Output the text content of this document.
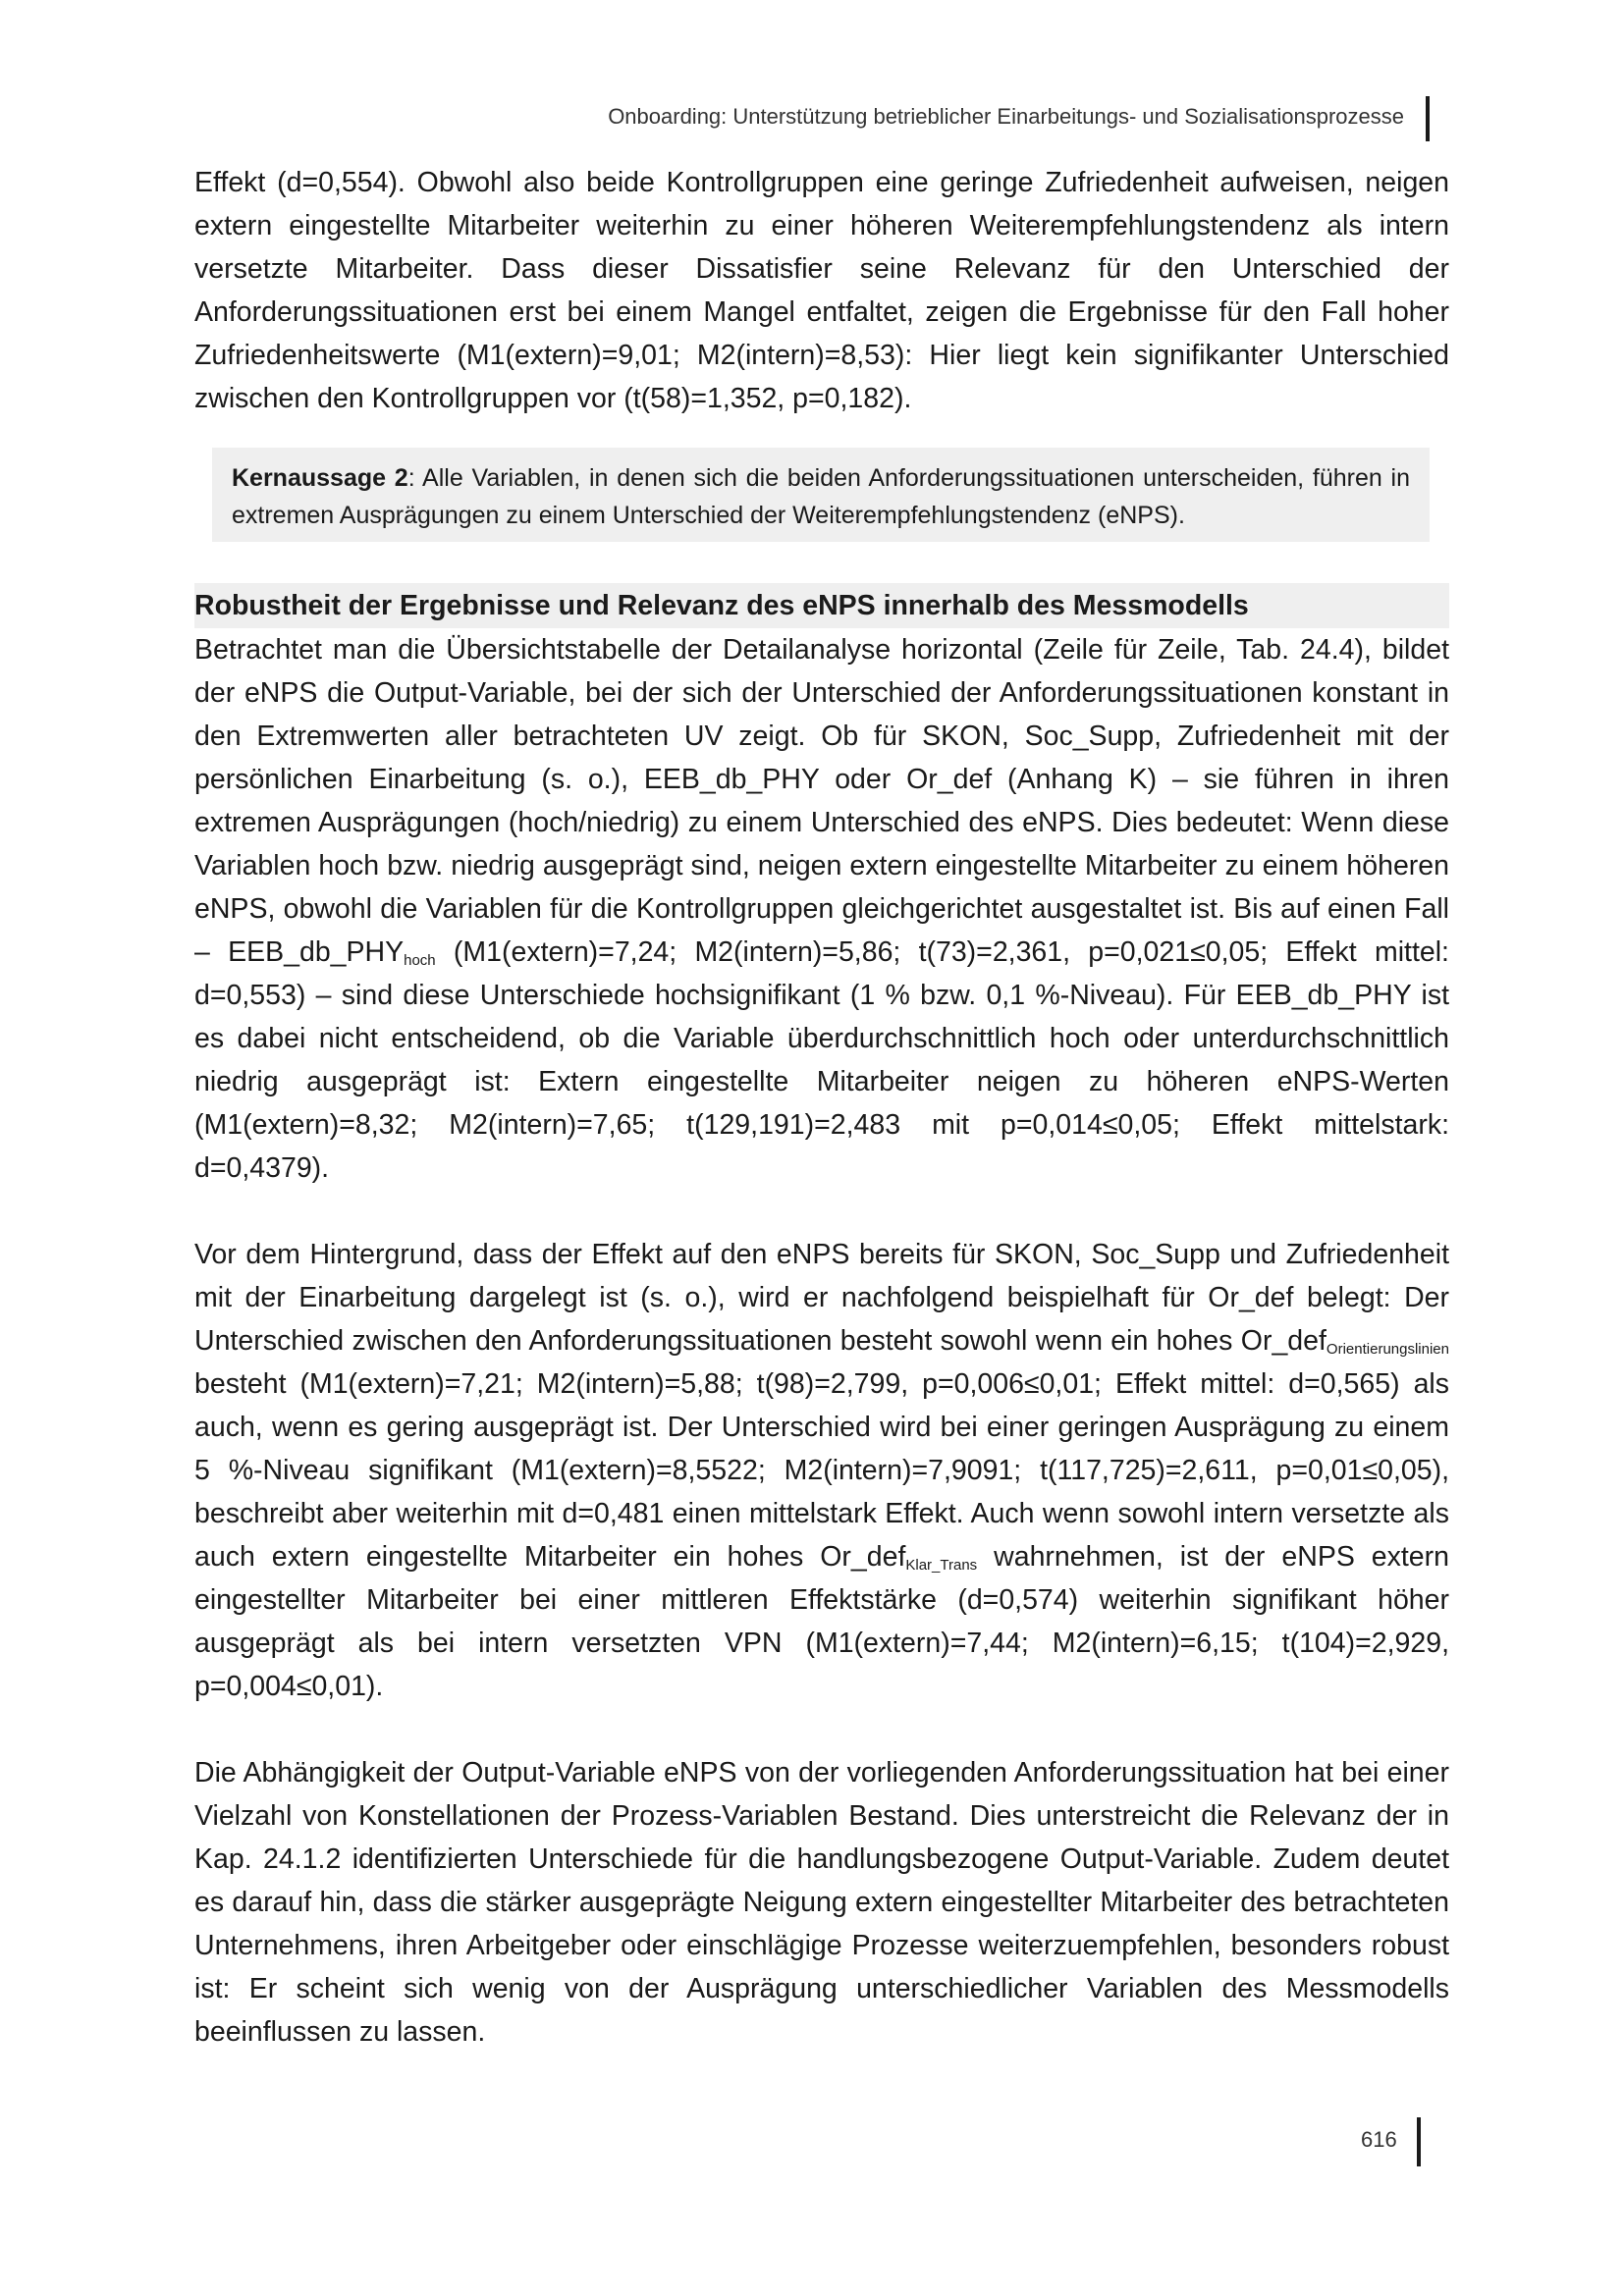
Onboarding: Unterstützung betrieblicher Einarbeitungs- und Sozialisationsprozesse

Effekt (d=0,554). Obwohl also beide Kontrollgruppen eine geringe Zufriedenheit aufweisen, neigen extern eingestellte Mitarbeiter weiterhin zu einer höheren Weiterempfehlungstendenz als intern versetzte Mitarbeiter. Dass dieser Dissatisfier seine Relevanz für den Unterschied der Anforderungssituationen erst bei einem Mangel entfaltet, zeigen die Ergebnisse für den Fall hoher Zufriedenheitswerte (M1(extern)=9,01; M2(intern)=8,53): Hier liegt kein signifikanter Unterschied zwischen den Kontrollgruppen vor (t(58)=1,352, p=0,182).

Kernaussage 2: Alle Variablen, in denen sich die beiden Anforderungssituationen unterscheiden, führen in extremen Ausprägungen zu einem Unterschied der Weiterempfehlungstendenz (eNPS).

Robustheit der Ergebnisse und Relevanz des eNPS innerhalb des Messmodells

Betrachtet man die Übersichtstabelle der Detailanalyse horizontal (Zeile für Zeile, Tab. 24.4), bildet der eNPS die Output-Variable, bei der sich der Unterschied der Anforderungssituationen konstant in den Extremwerten aller betrachteten UV zeigt. Ob für SKON, Soc_Supp, Zufriedenheit mit der persönlichen Einarbeitung (s. o.), EEB_db_PHY oder Or_def (Anhang K) – sie führen in ihren extremen Ausprägungen (hoch/niedrig) zu einem Unterschied des eNPS. Dies bedeutet: Wenn diese Variablen hoch bzw. niedrig ausgeprägt sind, neigen extern eingestellte Mitarbeiter zu einem höheren eNPS, obwohl die Variablen für die Kontrollgruppen gleichgerichtet ausgestaltet ist. Bis auf einen Fall – $EEB\_db\_PHY_{hoch}$ (M1(extern)=7,24; M2(intern)=5,86; t(73)=2,361, p=0,021≤0,05; Effekt mittel: d=0,553) – sind diese Unterschiede hochsignifikant (1 % bzw. 0,1 %-Niveau). Für EEB_db_PHY ist es dabei nicht entscheidend, ob die Variable überdurchschnittlich hoch oder unterdurchschnittlich niedrig ausgeprägt ist: Extern eingestellte Mitarbeiter neigen zu höheren eNPS-Werten (M1(extern)=8,32; M2(intern)=7,65; t(129,191)=2,483 mit p=0,014≤0,05; Effekt mittelstark: d=0,4379).

Vor dem Hintergrund, dass der Effekt auf den eNPS bereits für SKON, Soc_Supp und Zufriedenheit mit der Einarbeitung dargelegt ist (s. o.), wird er nachfolgend beispielhaft für Or_def belegt: Der Unterschied zwischen den Anforderungssituationen besteht sowohl wenn ein hohes Or_def$_{Orientierungslinien}$ besteht (M1(extern)=7,21; M2(intern)=5,88; t(98)=2,799, p=0,006≤0,01; Effekt mittel: d=0,565) als auch, wenn es gering ausgeprägt ist. Der Unterschied wird bei einer geringen Ausprägung zu einem 5 %-Niveau signifikant (M1(extern)=8,5522; M2(intern)=7,9091; t(117,725)=2,611, p=0,01≤0,05), beschreibt aber weiterhin mit d=0,481 einen mittelstark Effekt. Auch wenn sowohl intern versetzte als auch extern eingestellte Mitarbeiter ein hohes Or_def$_{Klar\_Trans}$ wahrnehmen, ist der eNPS extern eingestellter Mitarbeiter bei einer mittleren Effektstärke (d=0,574) weiterhin signifikant höher ausgeprägt als bei intern versetzten VPN (M1(extern)=7,44; M2(intern)=6,15; t(104)=2,929, p=0,004≤0,01).

Die Abhängigkeit der Output-Variable eNPS von der vorliegenden Anforderungssituation hat bei einer Vielzahl von Konstellationen der Prozess-Variablen Bestand. Dies unterstreicht die Relevanz der in Kap. 24.1.2 identifizierten Unterschiede für die handlungsbezogene Output-Variable. Zudem deutet es darauf hin, dass die stärker ausgeprägte Neigung extern eingestellter Mitarbeiter des betrachteten Unternehmens, ihren Arbeitgeber oder einschlägige Prozesse weiterzuempfehlen, besonders robust ist: Er scheint sich wenig von der Ausprägung unterschiedlicher Variablen des Messmodells beeinflussen zu lassen.

616
